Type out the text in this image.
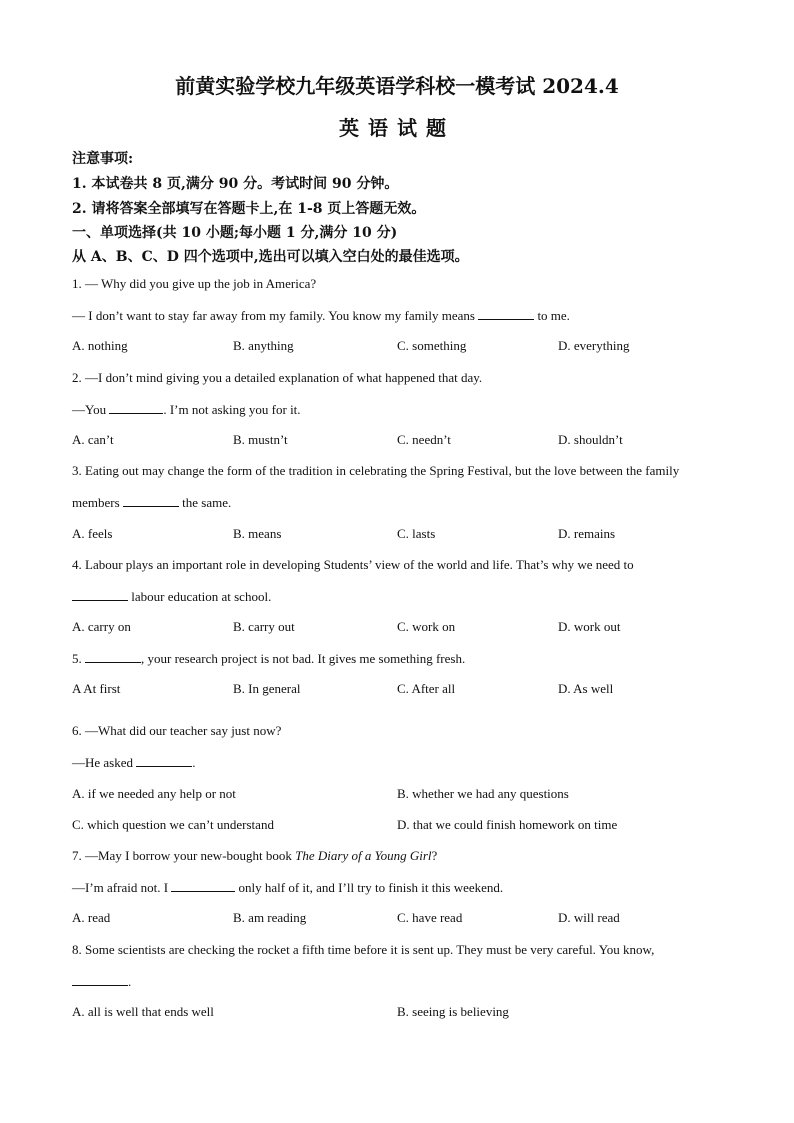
前黄实验学校九年级英语学科校一模考试 2024.4
英语试题
注意事项:
1. 本试卷共 8 页,满分 90 分。考试时间 90 分钟。
2. 请将答案全部填写在答题卡上,在 1-8 页上答题无效。
一、单项选择(共 10 小题;每小题 1 分,满分 10 分)
从 A、B、C、D 四个选项中,选出可以填入空白处的最佳选项。
1. — Why did you give up the job in America?
— I don’t want to stay far away from my family. You know my family means	to me.
A. nothing	B. anything	C. something	D. everything
2. —I don’t mind giving you a detailed explanation of what happened that day.
—You	. I’m not asking you for it.
A. can’t	B. mustn’t	C. needn’t	D. shouldn’t
3. Eating out may change the form of the tradition in celebrating the Spring Festival, but the love between the family
members	the same.
A. feels	B. means	C. lasts	D. remains
4. Labour plays an important role in developing Students’ view of the world and life. That’s why we need to
labour education at school.
A. carry on	B. carry out	C. work on	D. work out
5.	, your research project is not bad. It gives me something fresh.
A At first	B. In general	C. After all	D. As well
6. —What did our teacher say just now?
—He asked	.
A. if we needed any help or not	B. whether we had any questions
C. which question we can’t understand	D. that we could finish homework on time
7. —May I borrow your new-bought book The Diary of a Young Girl?
—I’m afraid not. I	only half of it, and I’ll try to finish it this weekend.
A. read	B. am reading	C. have read	D. will read
8. Some scientists are checking the rocket a fifth time before it is sent up. They must be very careful. You know,
.
A. all is well that ends well	B. seeing is believing
